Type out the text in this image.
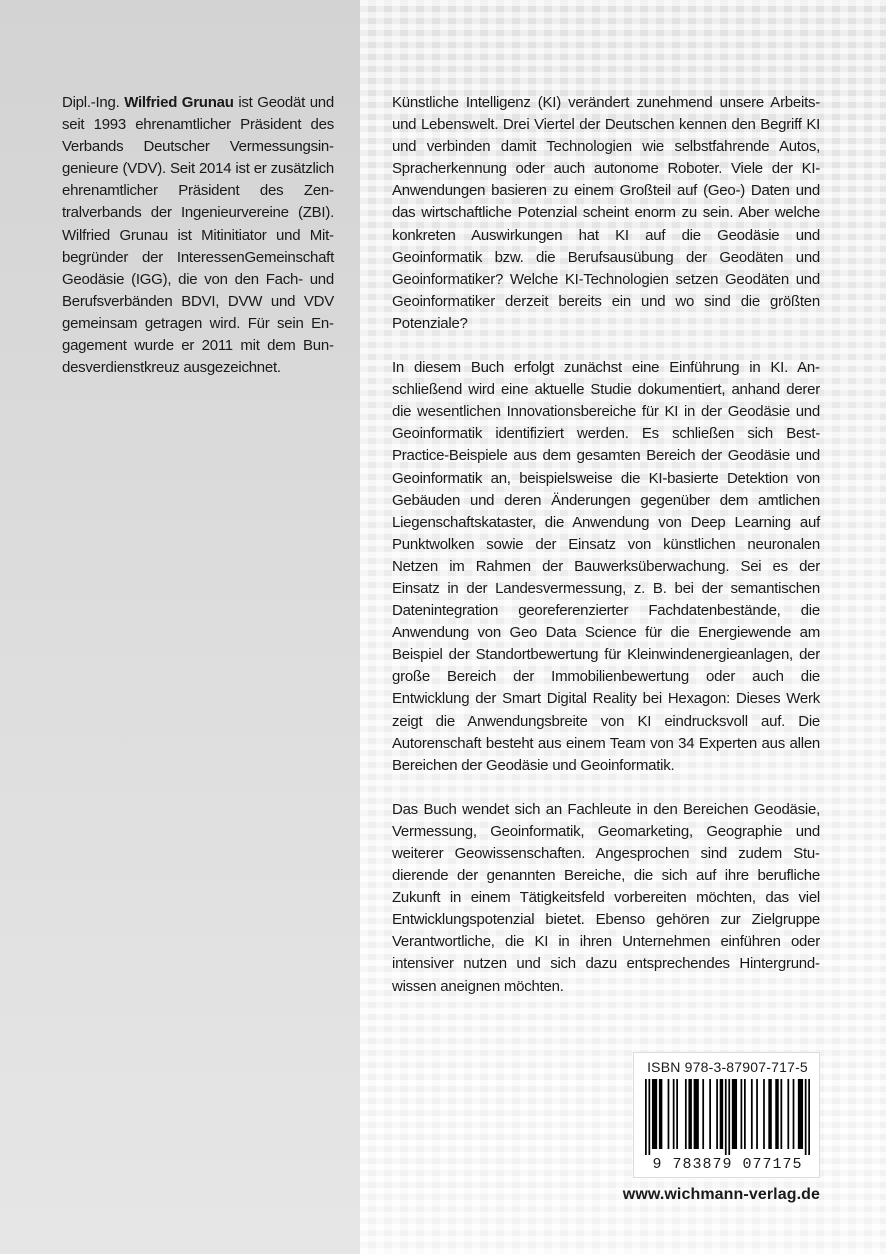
Dipl.-Ing. Wilfried Grunau ist Geodät und seit 1993 ehrenamtlicher Präsident des Verbands Deutscher Vermessungsingenieure (VDV). Seit 2014 ist er zusätzlich ehrenamtlicher Präsident des Zentralverbands der Ingenieurvereine (ZBI). Wilfried Grunau ist Mitinitiator und Mitbegründer der InteressenGemeinschaft Geodäsie (IGG), die von den Fach- und Berufsverbänden BDVI, DVW und VDV gemeinsam getragen wird. Für sein Engagement wurde er 2011 mit dem Bundesverdienstkreuz ausgezeichnet.

Künstliche Intelligenz (KI) verändert zunehmend unsere Arbeits- und Lebenswelt. Drei Viertel der Deutschen kennen den Begriff KI und verbinden damit Technologien wie selbstfahrende Autos, Spracherkennung oder auch autonome Roboter. Viele der KI-Anwendungen basieren zu einem Großteil auf (Geo-) Daten und das wirtschaftliche Potenzial scheint enorm zu sein. Aber welche konkreten Auswirkungen hat KI auf die Geodäsie und Geoinformatik bzw. die Berufsausübung der Geodäten und Geoinformatiker? Welche KI-Technologien setzen Geodäten und Geoinformatiker derzeit bereits ein und wo sind die größten Potenziale?

In diesem Buch erfolgt zunächst eine Einführung in KI. Anschließend wird eine aktuelle Studie dokumentiert, anhand derer die wesentlichen Innovationsbereiche für KI in der Geodäsie und Geoinformatik identifiziert werden. Es schließen sich Best-Practice-Beispiele aus dem gesamten Bereich der Geodäsie und Geoinformatik an, beispielsweise die KI-basierte Detektion von Gebäuden und deren Änderungen gegenüber dem amtlichen Liegenschaftskataster, die Anwendung von Deep Learning auf Punktwolken sowie der Einsatz von künstlichen neuronalen Netzen im Rahmen der Bauwerksüberwachung. Sei es der Einsatz in der Landesvermessung, z. B. bei der semantischen Datenintegration georeferenzierter Fachdatenbestände, die Anwendung von Geo Data Science für die Energiewende am Beispiel der Standortbewertung für Kleinwindenergieanlagen, der große Bereich der Immobilienbewertung oder auch die Entwicklung der Smart Digital Reality bei Hexagon: Dieses Werk zeigt die Anwendungsbreite von KI eindrucksvoll auf. Die Autorenschaft besteht aus einem Team von 34 Experten aus allen Bereichen der Geodäsie und Geoinformatik.

Das Buch wendet sich an Fachleute in den Bereichen Geodäsie, Vermessung, Geoinformatik, Geomarketing, Geographie und weiterer Geowissenschaften. Angesprochen sind zudem Studierende der genannten Bereiche, die sich auf ihre berufliche Zukunft in einem Tätigkeitsfeld vorbereiten möchten, das viel Entwicklungspotenzial bietet. Ebenso gehören zur Zielgruppe Verantwortliche, die KI in ihren Unternehmen einführen oder intensiver nutzen und sich dazu entsprechendes Hintergrundwissen aneignen möchten.

ISBN 978-3-87907-717-5
9 783879 077175
www.wichmann-verlag.de
